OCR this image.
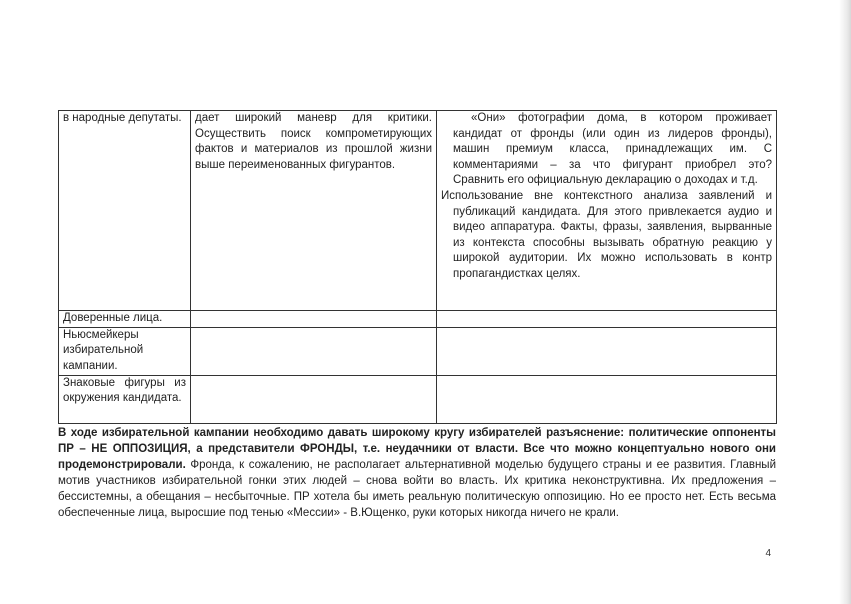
в народные депутаты.	дает широкий маневр для критики. Осуществить поиск компрометирующих фактов и материалов из прошлой жизни выше переименованных фигурантов.	«Они» фотографии дома, в котором проживает кандидат от фронды (или один из лидеров фронды), машин премиум класса, принадлежащих им. С комментариями – за что фигурант приобрел это? Сравнить его официальную декларацию о доходах и т.д.

Использование вне контекстного анализа заявлений и публикаций кандидата. Для этого привлекается аудио и видео аппаратура. Факты, фразы, заявления, вырванные из контекста способны вызывать обратную реакцию у широкой аудитории. Их можно использовать в контр пропагандистках целях.

Доверенные лица.		
Ньюсмейкеры избирательной кампании.		
Знаковые фигуры из окружения кандидата.		

В ходе избирательной кампании необходимо давать широкому кругу избирателей разъяснение: политические оппоненты ПР – НЕ ОППОЗИЦИЯ, а представители ФРОНДЫ, т.е. неудачники от власти. Все что можно концептуально нового они продемонстрировали. Фронда, к сожалению, не располагает альтернативной моделью будущего страны и ее развития. Главный мотив участников избирательной гонки этих людей – снова войти во власть. Их критика неконструктивна. Их предложения – бессистемны, а обещания – несбыточные. ПР хотела бы иметь реальную политическую оппозицию. Но ее просто нет. Есть весьма обеспеченные лица, выросшие под тенью «Мессии» - В.Ющенко, руки которых никогда ничего не крали.

4
